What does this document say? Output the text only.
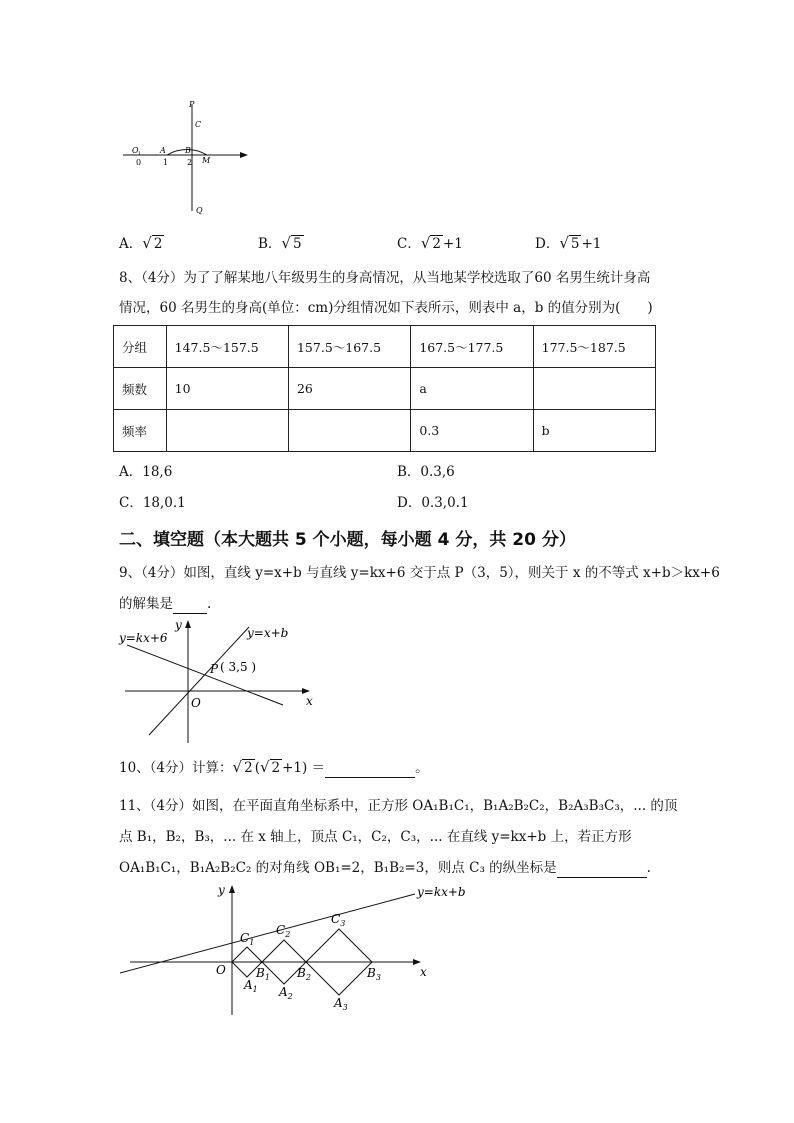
P
C
O 1 A B
M
Q
0	1 2
A．√ 2	B．√ 5	C．√ 2 +1	D．√ 5 +1
8、（4分）为了了解某地八年级男生的身高情况，从当地某学校选取了60 名男生统计身高
情况，60 名男生的身高(单位：cm)分组情况如下表所示，则表中 a，b 的值分别为(　　)
分组	147.5～157.5	157.5～167.5	167.5～177.5	177.5～187.5
频数	10	26	a	
频率			0.3	b
A．18,6	B．0.3,6
C．18,0.1	D．0.3,0.1
二、填空题（本大题共 5 个小题，每小题 4 分，共 20 分）
9、（4分）如图，直线 y=x+b 与直线 y=kx+6 交于点 P（3，5），则关于 x 的不等式 x+b＞kx+6
的解集是	.
y=kx+6	y=x+b
P ( 3,5 )
O	x
y
10、（4分）计算：√ 2 (√ 2 +1) ＝	。
11、（4分）如图，在平面直角坐标系中，正方形 OA₁B₁C₁，B₁A₂B₂C₂，B₂A₃B₃C₃，... 的顶
点 B₁，B₂，B₃，... 在 x 轴上，顶点 C₁，C₂，C₃，... 在直线 y=kx+b 上，若正方形
OA₁B₁C₁，B₁A₂B₂C₂ 的对角线 OB₁=2，B₁B₂=3，则点 C₃ 的纵坐标是	.
y=kx+b
O	x
y
$C_1$
$C_2$
$C_3$
$B_1$ $B_2$	$B_3$
$A_1$ $A_2$	$A_3$
